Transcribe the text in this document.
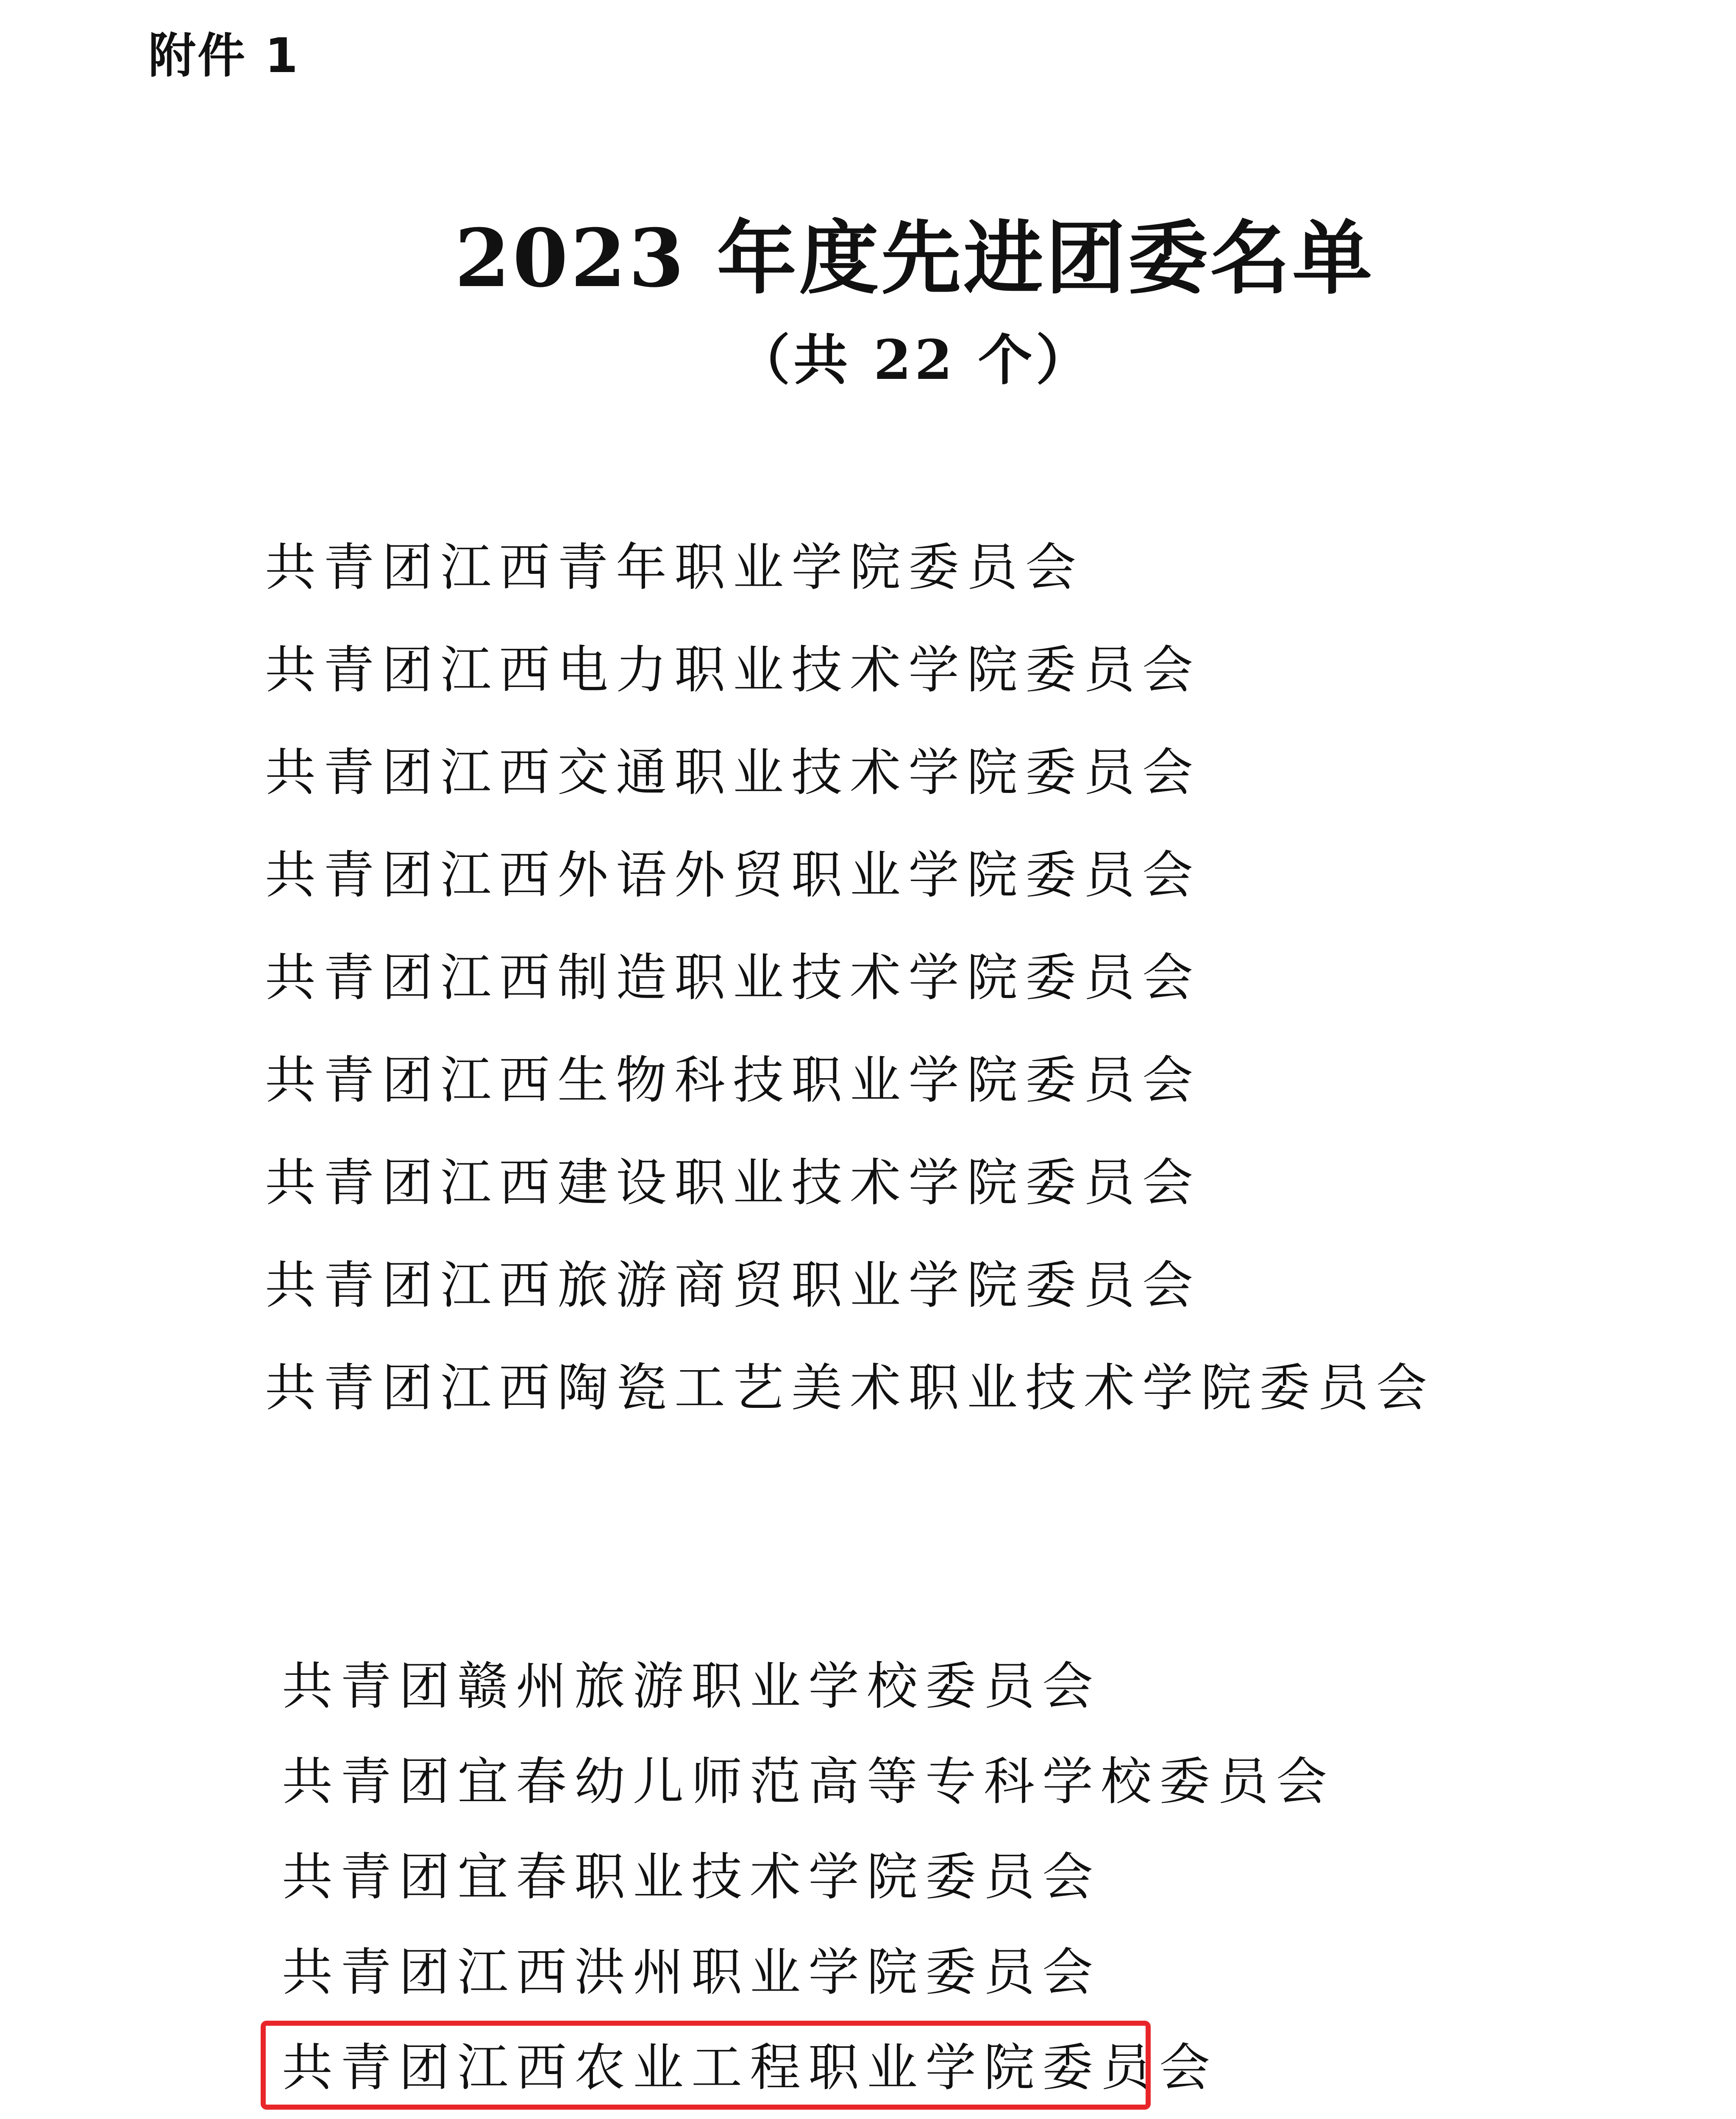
附件 1
2023 年度先进团委名单
（共 22 个）
共青团江西青年职业学院委员会
共青团江西电力职业技术学院委员会
共青团江西交通职业技术学院委员会
共青团江西外语外贸职业学院委员会
共青团江西制造职业技术学院委员会
共青团江西生物科技职业学院委员会
共青团江西建设职业技术学院委员会
共青团江西旅游商贸职业学院委员会
共青团江西陶瓷工艺美术职业技术学院委员会
共青团赣州旅游职业学校委员会
共青团宜春幼儿师范高等专科学校委员会
共青团宜春职业技术学院委员会
共青团江西洪州职业学院委员会
共青团江西农业工程职业学院委员会
